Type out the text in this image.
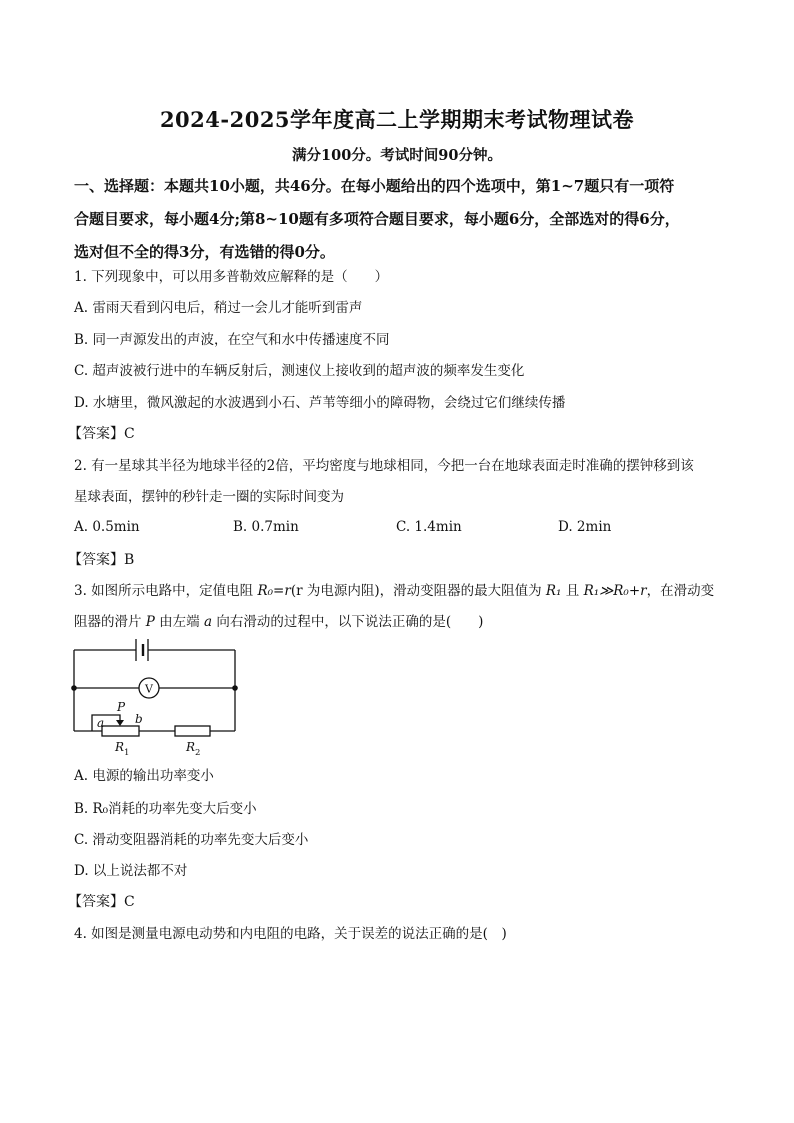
2024-2025学年度高二上学期期末考试物理试卷
满分100分。考试时间90分钟。
一、选择题：本题共10小题，共46分。在每小题给出的四个选项中，第1~7题只有一项符
合题目要求，每小题4分;第8~10题有多项符合题目要求，每小题6分，全部选对的得6分，
选对但不全的得3分，有选错的得0分。
1. 下列现象中，可以用多普勒效应解释的是（　　）
A. 雷雨天看到闪电后，稍过一会儿才能听到雷声
B. 同一声源发出的声波，在空气和水中传播速度不同
C. 超声波被行进中的车辆反射后，测速仪上接收到的超声波的频率发生变化
D. 水塘里，微风激起的水波遇到小石、芦苇等细小的障碍物，会绕过它们继续传播
【答案】C
2. 有一星球其半径为地球半径的2倍，平均密度与地球相同，今把一台在地球表面走时准确的摆钟移到该
星球表面，摆钟的秒针走一圈的实际时间变为
A. 0.5min	B. 0.7min	C. 1.4min	D. 2min
【答案】B
3. 如图所示电路中，定值电阻 R₀=r(r 为电源内阻)，滑动变阻器的最大阻值为 R₁ 且 R₁≫R₀+r，在滑动变
阻器的滑片 P 由左端 a 向右滑动的过程中，以下说法正确的是(　　)
V
P
a	b
R 1	R 2
A. 电源的输出功率变小
B. R₀消耗的功率先变大后变小
C. 滑动变阻器消耗的功率先变大后变小
D. 以上说法都不对
【答案】C
4. 如图是测量电源电动势和内电阻的电路，关于误差的说法正确的是(　)
